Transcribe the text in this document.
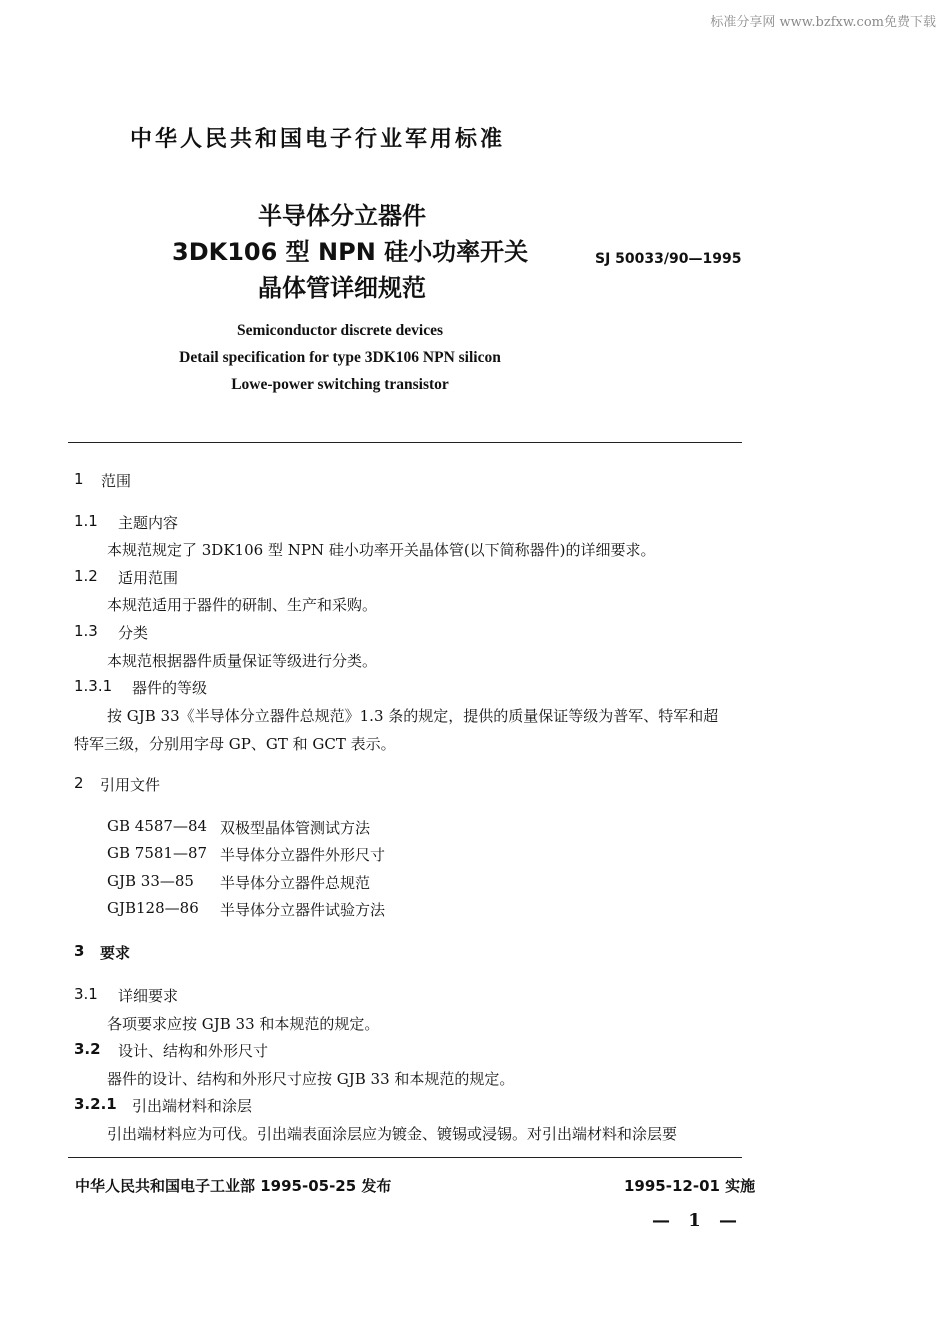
标准分享网 www.bzfxw.com免费下载
中华人民共和国电子行业军用标准
半导体分立器件
3DK106 型 NPN 硅小功率开关
晶体管详细规范
SJ 50033/90—1995
Semiconductor discrete devices
Detail specification for type 3DK106 NPN silicon
Lowe-power switching transistor
1 范围
1.1 主题内容
本规范规定了 3DK106 型 NPN 硅小功率开关晶体管(以下简称器件)的详细要求。
1.2 适用范围
本规范适用于器件的研制、生产和采购。
1.3 分类
本规范根据器件质量保证等级进行分类。
1.3.1 器件的等级
按 GJB 33《半导体分立器件总规范》1.3 条的规定，提供的质量保证等级为普军、特军和超
特军三级，分别用字母 GP、GT 和 GCT 表示。
2 引用文件
GB 4587—84 双极型晶体管测试方法
GB 7581—87 半导体分立器件外形尺寸
GJB 33—85 半导体分立器件总规范
GJB128—86 半导体分立器件试验方法
3 要求
3.1 详细要求
各项要求应按 GJB 33 和本规范的规定。
3.2 设计、结构和外形尺寸
器件的设计、结构和外形尺寸应按 GJB 33 和本规范的规定。
3.2.1 引出端材料和涂层
引出端材料应为可伐。引出端表面涂层应为镀金、镀锡或浸锡。对引出端材料和涂层要
中华人民共和国电子工业部 1995-05-25 发布	1995-12-01 实施
— 1 —
